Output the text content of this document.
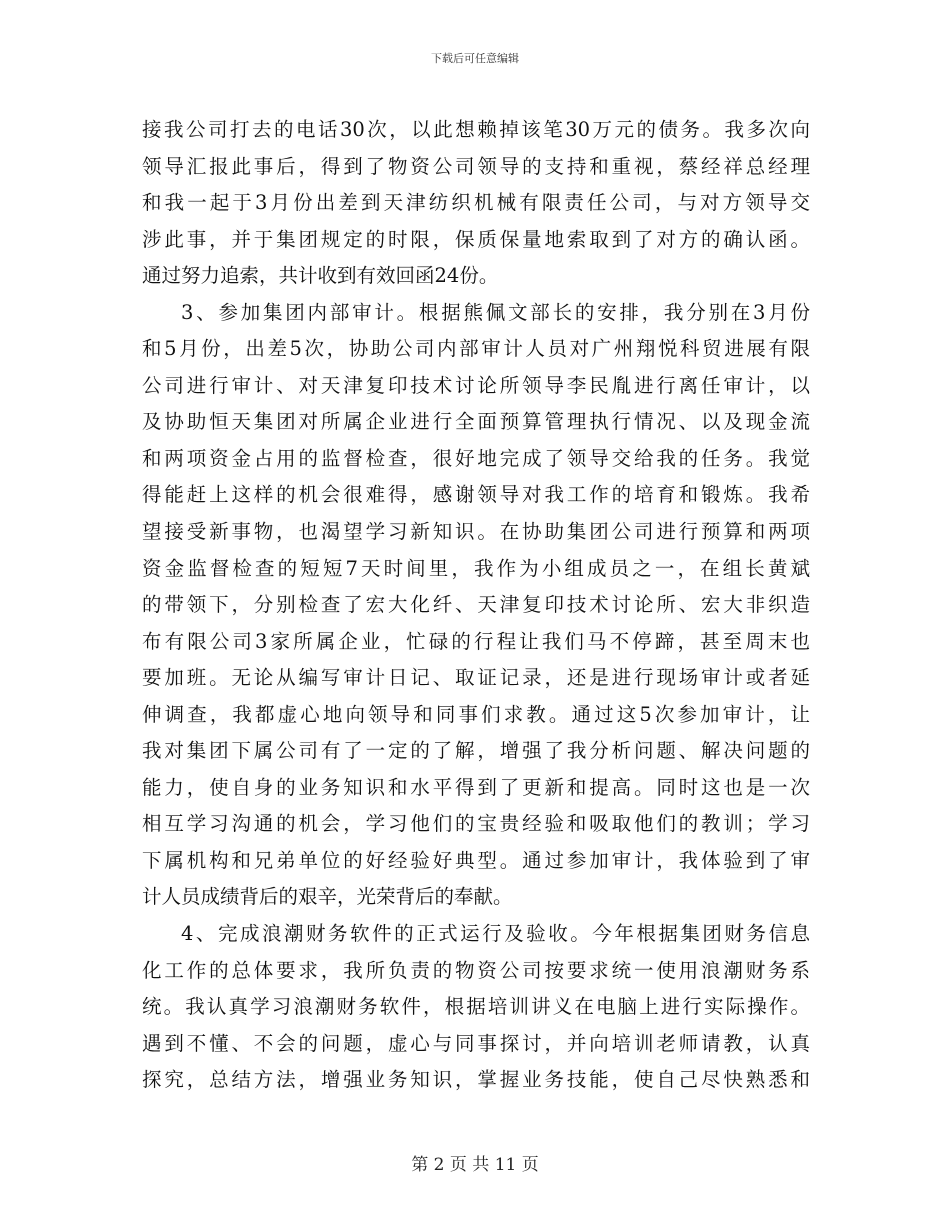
下载后可任意编辑
接我公司打去的电话30次，以此想赖掉该笔30万元的债务。我多次向
领导汇报此事后，得到了物资公司领导的支持和重视，蔡经祥总经理
和我一起于3月份出差到天津纺织机械有限责任公司，与对方领导交
涉此事，并于集团规定的时限，保质保量地索取到了对方的确认函。
通过努力追索，共计收到有效回函24份。
3、参加集团内部审计。根据熊佩文部长的安排，我分别在3月份
和5月份，出差5次，协助公司内部审计人员对广州翔悦科贸进展有限
公司进行审计、对天津复印技术讨论所领导李民胤进行离任审计，以
及协助恒天集团对所属企业进行全面预算管理执行情况、以及现金流
和两项资金占用的监督检查，很好地完成了领导交给我的任务。我觉
得能赶上这样的机会很难得，感谢领导对我工作的培育和锻炼。我希
望接受新事物，也渴望学习新知识。在协助集团公司进行预算和两项
资金监督检查的短短7天时间里，我作为小组成员之一，在组长黄斌
的带领下，分别检查了宏大化纤、天津复印技术讨论所、宏大非织造
布有限公司3家所属企业，忙碌的行程让我们马不停蹄，甚至周末也
要加班。无论从编写审计日记、取证记录，还是进行现场审计或者延
伸调查，我都虚心地向领导和同事们求教。通过这5次参加审计，让
我对集团下属公司有了一定的了解，增强了我分析问题、解决问题的
能力，使自身的业务知识和水平得到了更新和提高。同时这也是一次
相互学习沟通的机会，学习他们的宝贵经验和吸取他们的教训；学习
下属机构和兄弟单位的好经验好典型。通过参加审计，我体验到了审
计人员成绩背后的艰辛，光荣背后的奉献。
4、完成浪潮财务软件的正式运行及验收。今年根据集团财务信息
化工作的总体要求，我所负责的物资公司按要求统一使用浪潮财务系
统。我认真学习浪潮财务软件，根据培训讲义在电脑上进行实际操作。
遇到不懂、不会的问题，虚心与同事探讨，并向培训老师请教，认真
探究，总结方法，增强业务知识，掌握业务技能，使自己尽快熟悉和
第 2 页 共 11 页
